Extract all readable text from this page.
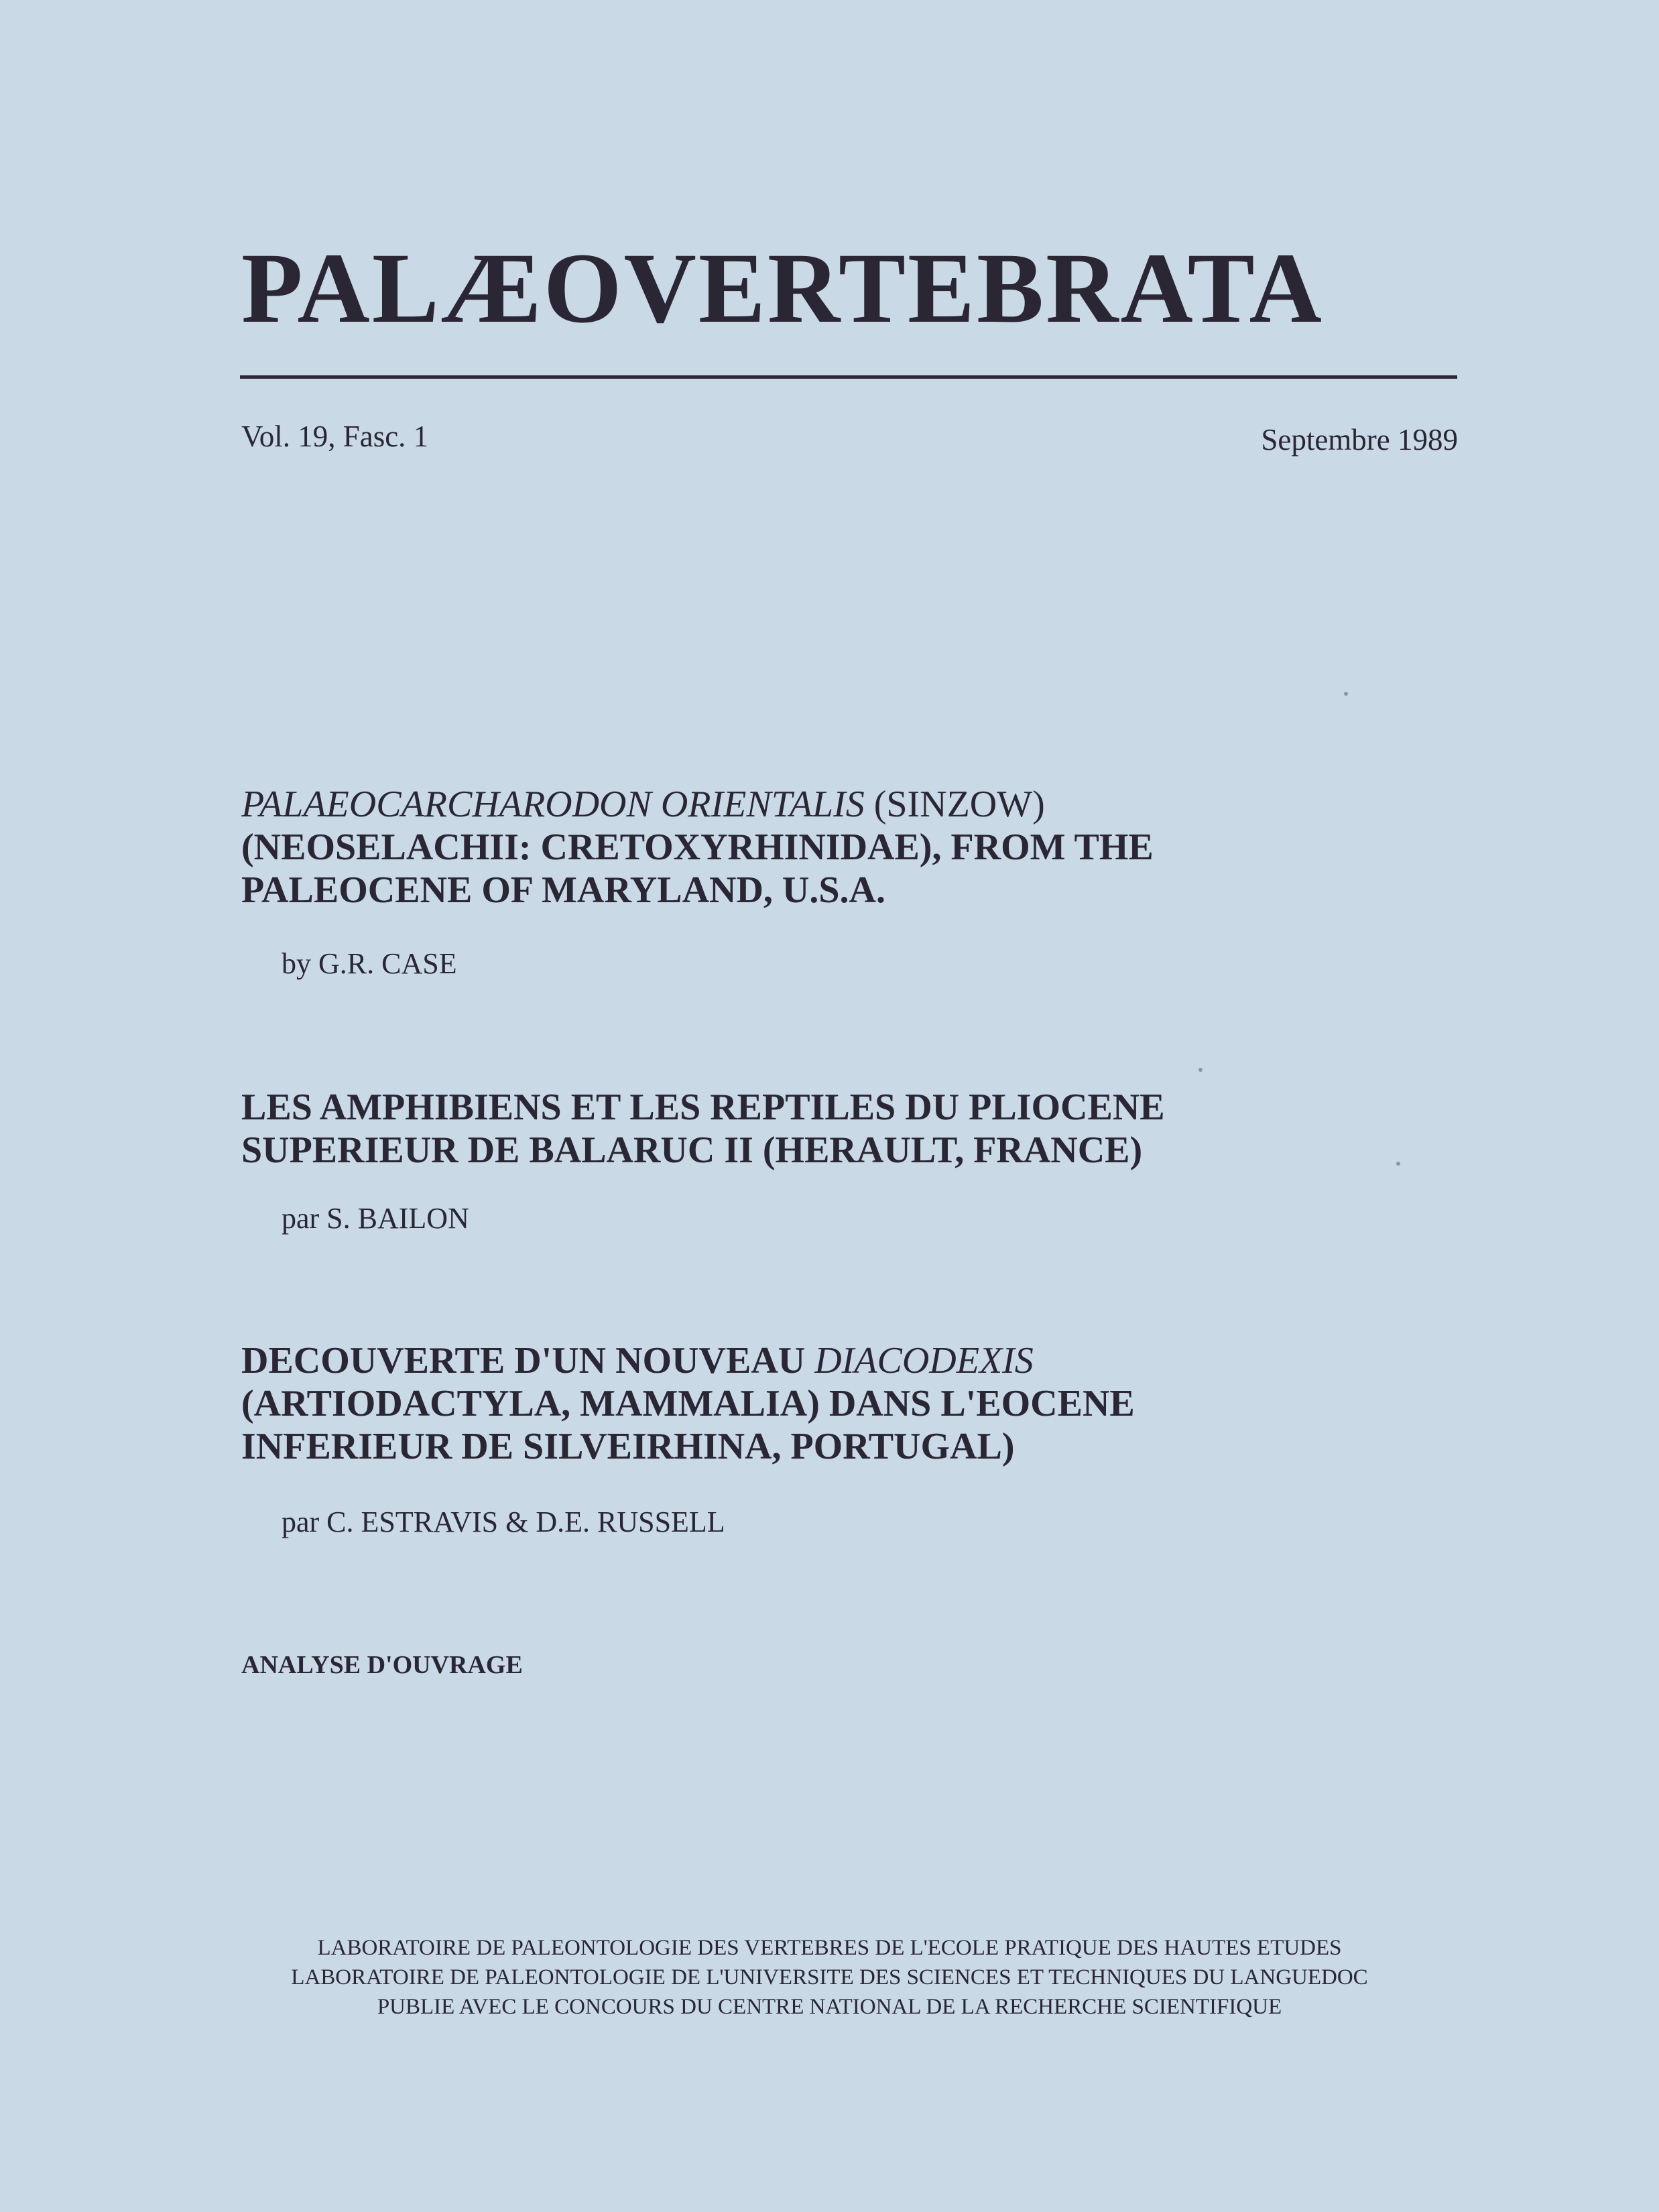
PALÆOVERTEBRATA
Vol. 19, Fasc. 1	Septembre 1989
PALAEOCARCHARODON ORIENTALIS (SINZOW)
(NEOSELACHII: CRETOXYRHINIDAE), FROM THE
PALEOCENE OF MARYLAND, U.S.A.
by G.R. CASE
LES AMPHIBIENS ET LES REPTILES DU PLIOCENE
SUPERIEUR DE BALARUC II (HERAULT, FRANCE)
par S. BAILON
DECOUVERTE D'UN NOUVEAU DIACODEXIS
(ARTIODACTYLA, MAMMALIA) DANS L'EOCENE
INFERIEUR DE SILVEIRHINA, PORTUGAL)
par C. ESTRAVIS & D.E. RUSSELL
ANALYSE D'OUVRAGE
LABORATOIRE DE PALEONTOLOGIE DES VERTEBRES DE L'ECOLE PRATIQUE DES HAUTES ETUDES
LABORATOIRE DE PALEONTOLOGIE DE L'UNIVERSITE DES SCIENCES ET TECHNIQUES DU LANGUEDOC
PUBLIE AVEC LE CONCOURS DU CENTRE NATIONAL DE LA RECHERCHE SCIENTIFIQUE
